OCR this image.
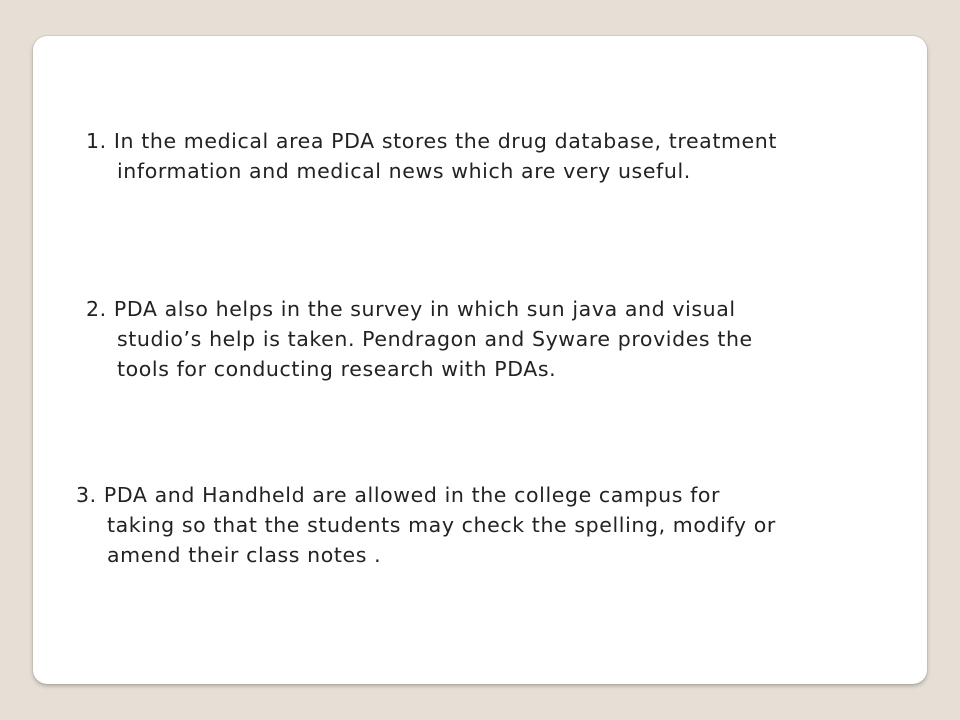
1. In the medical area PDA stores the drug database, treatment
information and medical news which are very useful.

2. PDA also helps in the survey in which sun java and visual
studio’s help is taken. Pendragon and Syware provides the
tools for conducting research with PDAs.

3. PDA and Handheld are allowed in the college campus for
taking so that the students may check the spelling, modify or
amend their class notes .
